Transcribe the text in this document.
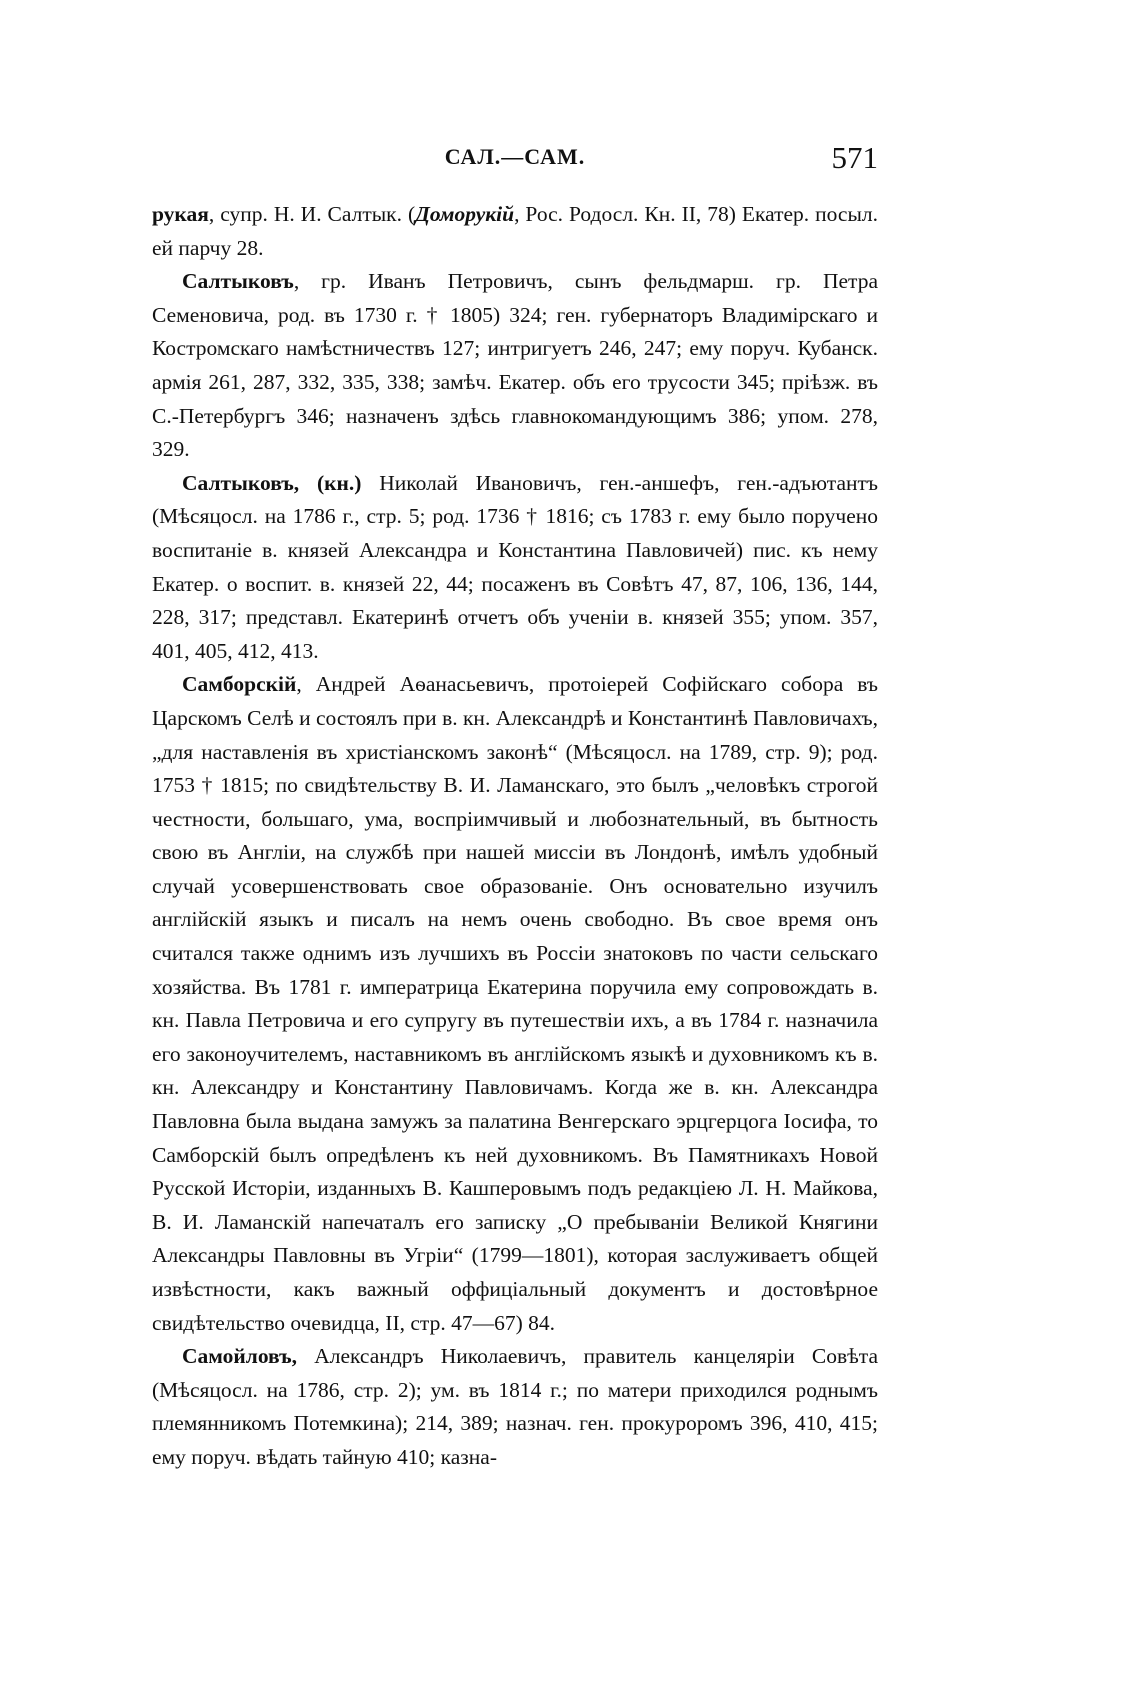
САЛ.—САМ.	571

рукая, супр. Н. И. Салтык. (Доморукій, Рос. Родосл. Кн. II, 78) Екатер. посыл. ей парчу 28.

Салтыковъ, гр. Иванъ Петровичъ, сынъ фельдмарш. гр. Петра Семеновича, род. въ 1730 г. † 1805) 324; ген. губернаторъ Владимірскаго и Костромскаго намѣстничествъ 127; интригуетъ 246, 247; ему поруч. Кубанск. армія 261, 287, 332, 335, 338; замѣч. Екатер. объ его трусости 345; пріѣзж. въ С.-Петербургъ 346; назначенъ здѣсь главнокомандующимъ 386; упом. 278, 329.

Салтыковъ, (кн.) Николай Ивановичъ, ген.-аншефъ, ген.-адъютантъ (Мѣсяцосл. на 1786 г., стр. 5; род. 1736 † 1816; съ 1783 г. ему было поручено воспитаніе в. князей Александра и Константина Павловичей) пис. къ нему Екатер. о воспит. в. князей 22, 44; посаженъ въ Совѣтъ 47, 87, 106, 136, 144, 228, 317; представл. Екатеринѣ отчетъ объ ученіи в. князей 355; упом. 357, 401, 405, 412, 413.

Самборскій, Андрей Аѳанасьевичъ, протоіерей Софійскаго собора въ Царскомъ Селѣ и состоялъ при в. кн. Александрѣ и Константинѣ Павловичахъ, „для наставленія въ христіанскомъ законѣ“ (Мѣсяцосл. на 1789, стр. 9); род. 1753 † 1815; по свидѣтельству В. И. Ламанскаго, это былъ „человѣкъ строгой честности, большаго, ума, воспріимчивый и любознательный, въ бытность свою въ Англіи, на службѣ при нашей миссіи въ Лондонѣ, имѣлъ удобный случай усовершенствовать свое образованіе. Онъ основательно изучилъ англійскій языкъ и писалъ на немъ очень свободно. Въ свое время онъ считался также однимъ изъ лучшихъ въ Россіи знатоковъ по части сельскаго хозяйства. Въ 1781 г. императрица Екатерина поручила ему сопровождать в. кн. Павла Петровича и его супругу въ путешествіи ихъ, а въ 1784 г. назначила его законоучителемъ, наставникомъ въ англійскомъ языкѣ и духовникомъ къ в. кн. Александру и Константину Павловичамъ. Когда же в. кн. Александра Павловна была выдана замужъ за палатина Венгерскаго эрцгерцога Іосифа, то Самборскій былъ опредѣленъ къ ней духовникомъ. Въ Памятникахъ Новой Русской Исторіи, изданныхъ В. Кашперовымъ подъ редакціею Л. Н. Майкова, В. И. Ламанскій напечаталъ его записку „О пребываніи Великой Княгини Александры Павловны въ Угріи“ (1799—1801), которая заслуживаетъ общей извѣстности, какъ важный оффиціальный документъ и достовѣрное свидѣтельство очевидца, II, стр. 47—67) 84.

Самойловъ, Александръ Николаевичъ, правитель канцеляріи Совѣта (Мѣсяцосл. на 1786, стр. 2); ум. въ 1814 г.; по матери приходился роднымъ племянникомъ Потемкина); 214, 389; назнач. ген. прокуроромъ 396, 410, 415; ему поруч. вѣдать тайную 410; казна-
